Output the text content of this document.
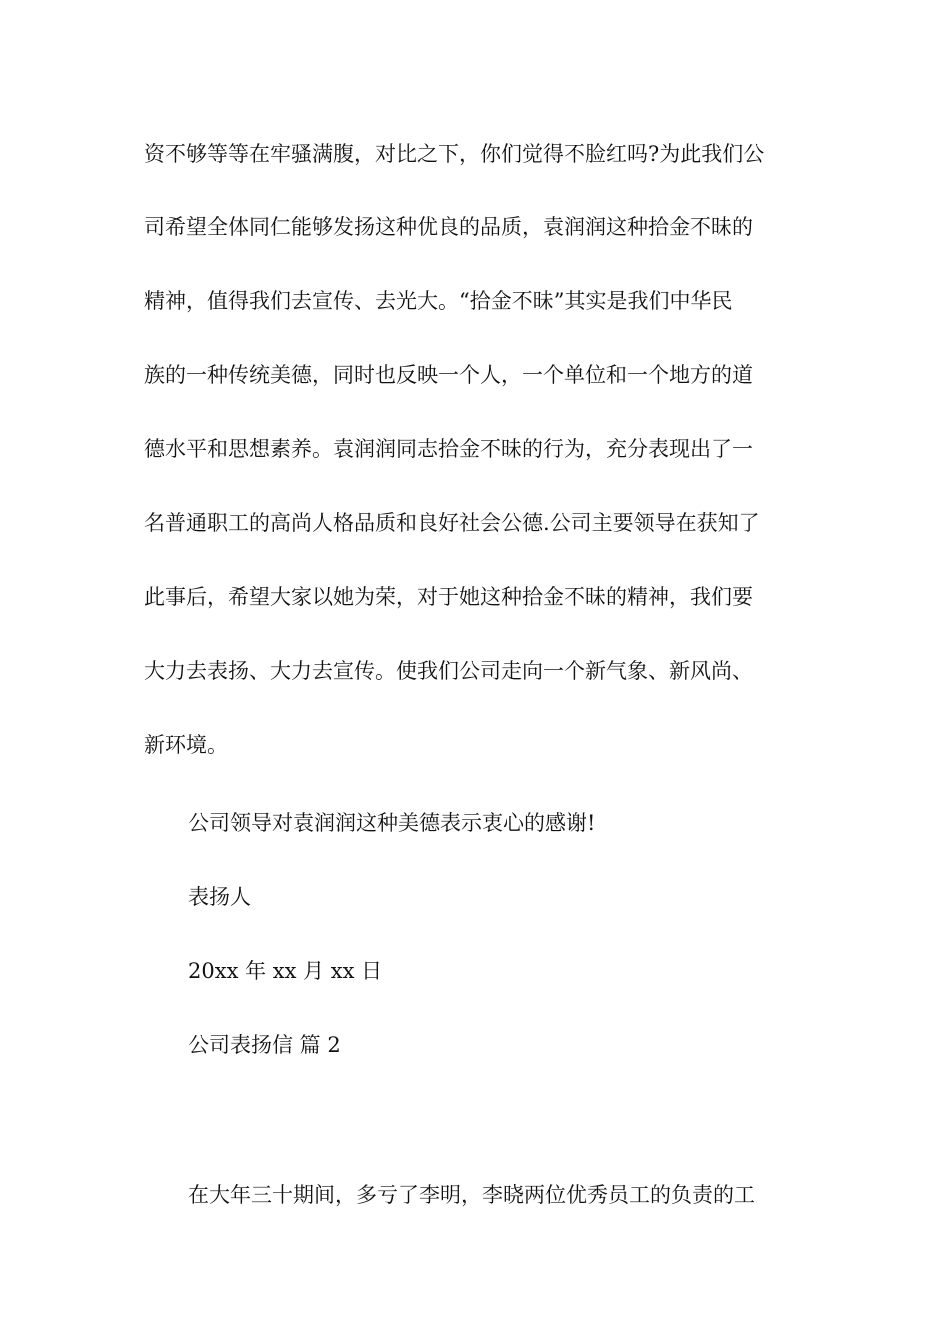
资不够等等在牢骚满腹，对比之下，你们觉得不脸红吗?为此我们公
司希望全体同仁能够发扬这种优良的品质，袁润润这种拾金不昧的
精神，值得我们去宣传、去光大。“拾金不昧”其实是我们中华民
族的一种传统美德，同时也反映一个人，一个单位和一个地方的道
德水平和思想素养。袁润润同志拾金不昧的行为，充分表现出了一
名普通职工的高尚人格品质和良好社会公德.公司主要领导在获知了
此事后，希望大家以她为荣，对于她这种拾金不昧的精神，我们要
大力去表扬、大力去宣传。使我们公司走向一个新气象、新风尚、
新环境。
公司领导对袁润润这种美德表示衷心的感谢!
表扬人
20xx 年 xx 月 xx 日
公司表扬信 篇 2
在大年三十期间，多亏了李明，李晓两位优秀员工的负责的工
